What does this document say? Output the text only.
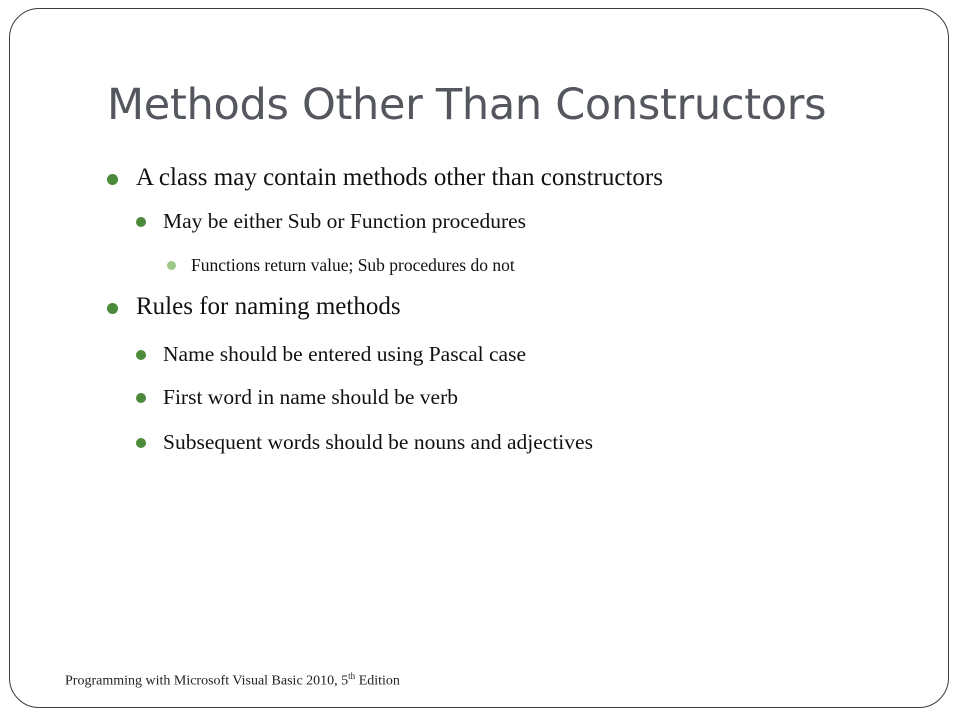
Methods Other Than Constructors
A class may contain methods other than constructors
May be either Sub or Function procedures
Functions return value; Sub procedures do not
Rules for naming methods
Name should be entered using Pascal case
First word in name should be verb
Subsequent words should be nouns and adjectives
Programming with Microsoft Visual Basic 2010, 5th Edition
